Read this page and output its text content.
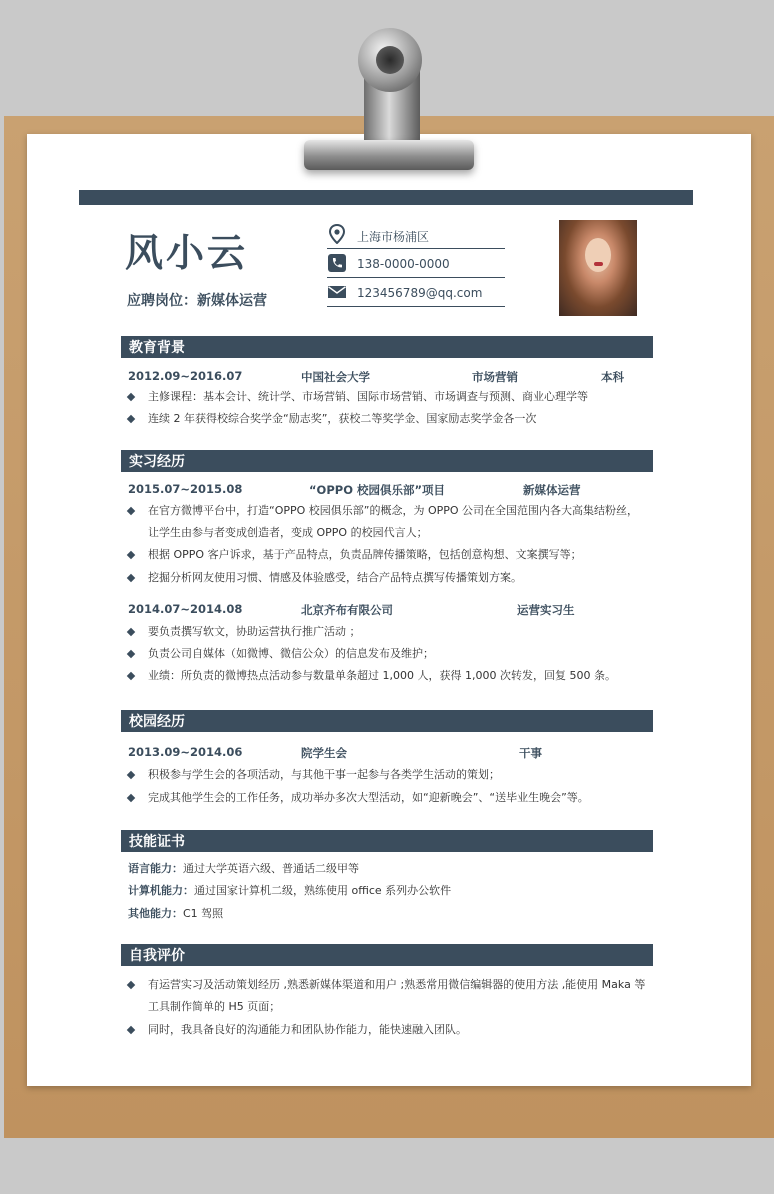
风小云
应聘岗位：新媒体运营
上海市杨浦区
138-0000-0000
123456789@qq.com
教育背景
2012.09~2016.07	中国社会大学	市场营销	本科
主修课程：基本会计、统计学、市场营销、国际市场营销、市场调查与预测、商业心理学等
连续 2 年获得校综合奖学金“励志奖”，获校二等奖学金、国家励志奖学金各一次
实习经历
2015.07~2015.08	“OPPO 校园俱乐部”项目	新媒体运营
在官方微博平台中，打造“OPPO 校园俱乐部”的概念，为 OPPO 公司在全国范围内各大高集结粉丝，让学生由参与者变成创造者，变成 OPPO 的校园代言人；
根据 OPPO 客户诉求，基于产品特点，负责品牌传播策略，包括创意构想、文案撰写等；
挖掘分析网友使用习惯、情感及体验感受，结合产品特点撰写传播策划方案。
2014.07~2014.08	北京齐布有限公司	运营实习生
要负责撰写软文，协助运营执行推广活动 ；
负责公司自媒体（如微博、微信公众）的信息发布及维护；
业绩：所负责的微博热点活动参与数量单条超过 1,000 人，获得 1,000 次转发，回复 500 条。
校园经历
2013.09~2014.06	院学生会	干事
积极参与学生会的各项活动，与其他干事一起参与各类学生活动的策划；
完成其他学生会的工作任务，成功举办多次大型活动，如“迎新晚会”、“送毕业生晚会”等。
技能证书
语言能力：通过大学英语六级、普通话二级甲等
计算机能力：通过国家计算机二级，熟练使用 office 系列办公软件
其他能力：C1 驾照
自我评价
有运营实习及活动策划经历 ,熟悉新媒体渠道和用户 ;熟悉常用微信编辑器的使用方法 ,能使用 Maka 等工具制作简单的 H5 页面；
同时，我具备良好的沟通能力和团队协作能力，能快速融入团队。
